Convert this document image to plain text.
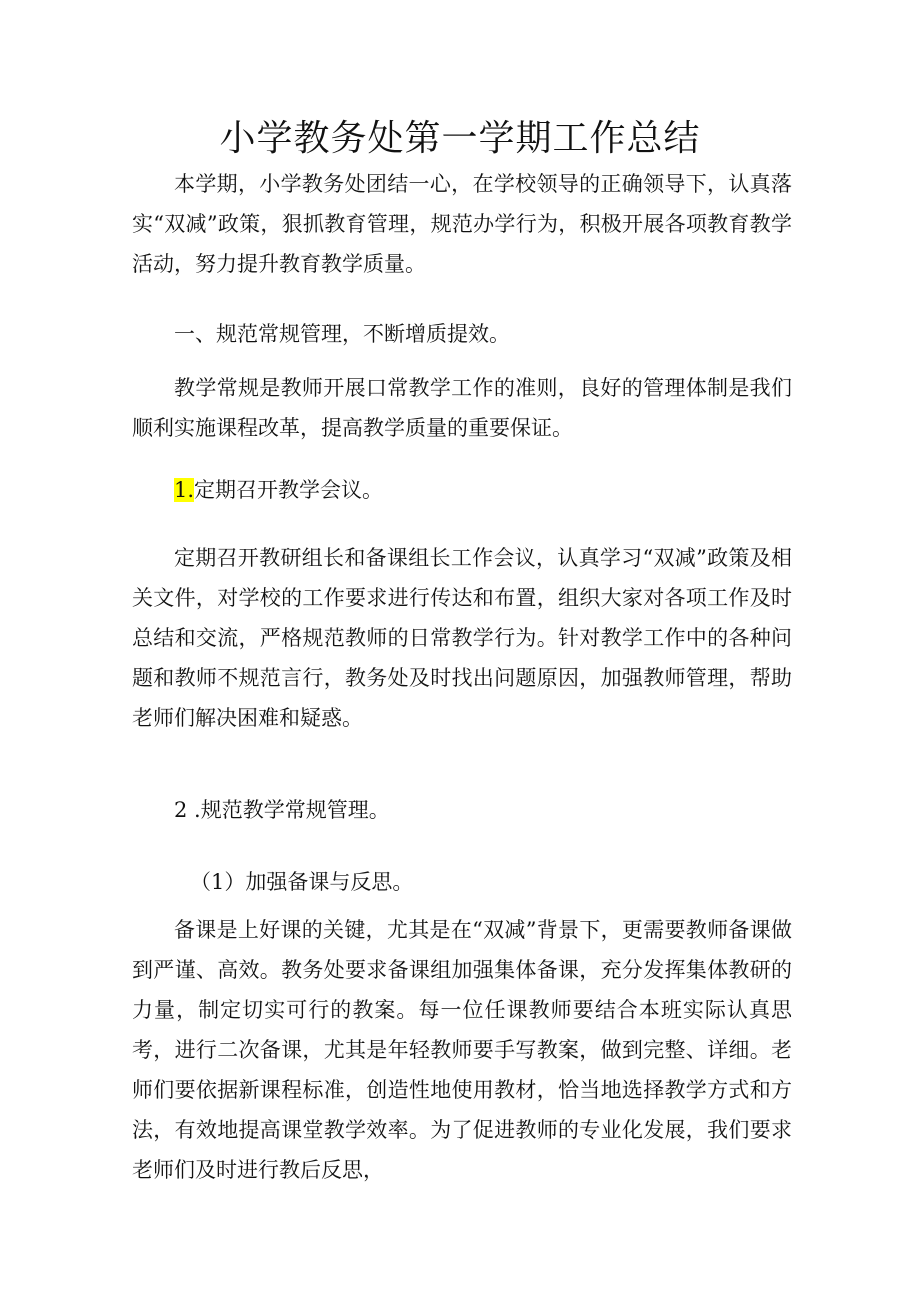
小学教务处第一学期工作总结

本学期，小学教务处团结一心，在学校领导的正确领导下，认真落实“双减”政策，狠抓教育管理，规范办学行为，积极开展各项教育教学活动，努力提升教育教学质量。

一、规范常规管理，不断增质提效。

教学常规是教师开展口常教学工作的准则，良好的管理体制是我们顺利实施课程改革，提高教学质量的重要保证。

1.定期召开教学会议。

定期召开教研组长和备课组长工作会议，认真学习“双减”政策及相关文件，对学校的工作要求进行传达和布置，组织大家对各项工作及时总结和交流，严格规范教师的日常教学行为。针对教学工作中的各种问题和教师不规范言行，教务处及时找出问题原因，加强教师管理，帮助老师们解决困难和疑惑。

2 .规范教学常规管理。

（1）加强备课与反思。

备课是上好课的关键，尤其是在“双减”背景下，更需要教师备课做到严谨、高效。教务处要求备课组加强集体备课，充分发挥集体教研的力量，制定切实可行的教案。每一位任课教师要结合本班实际认真思考，进行二次备课，尤其是年轻教师要手写教案，做到完整、详细。老师们要依据新课程标准，创造性地使用教材，恰当地选择教学方式和方法，有效地提高课堂教学效率。为了促进教师的专业化发展，我们要求老师们及时进行教后反思，
